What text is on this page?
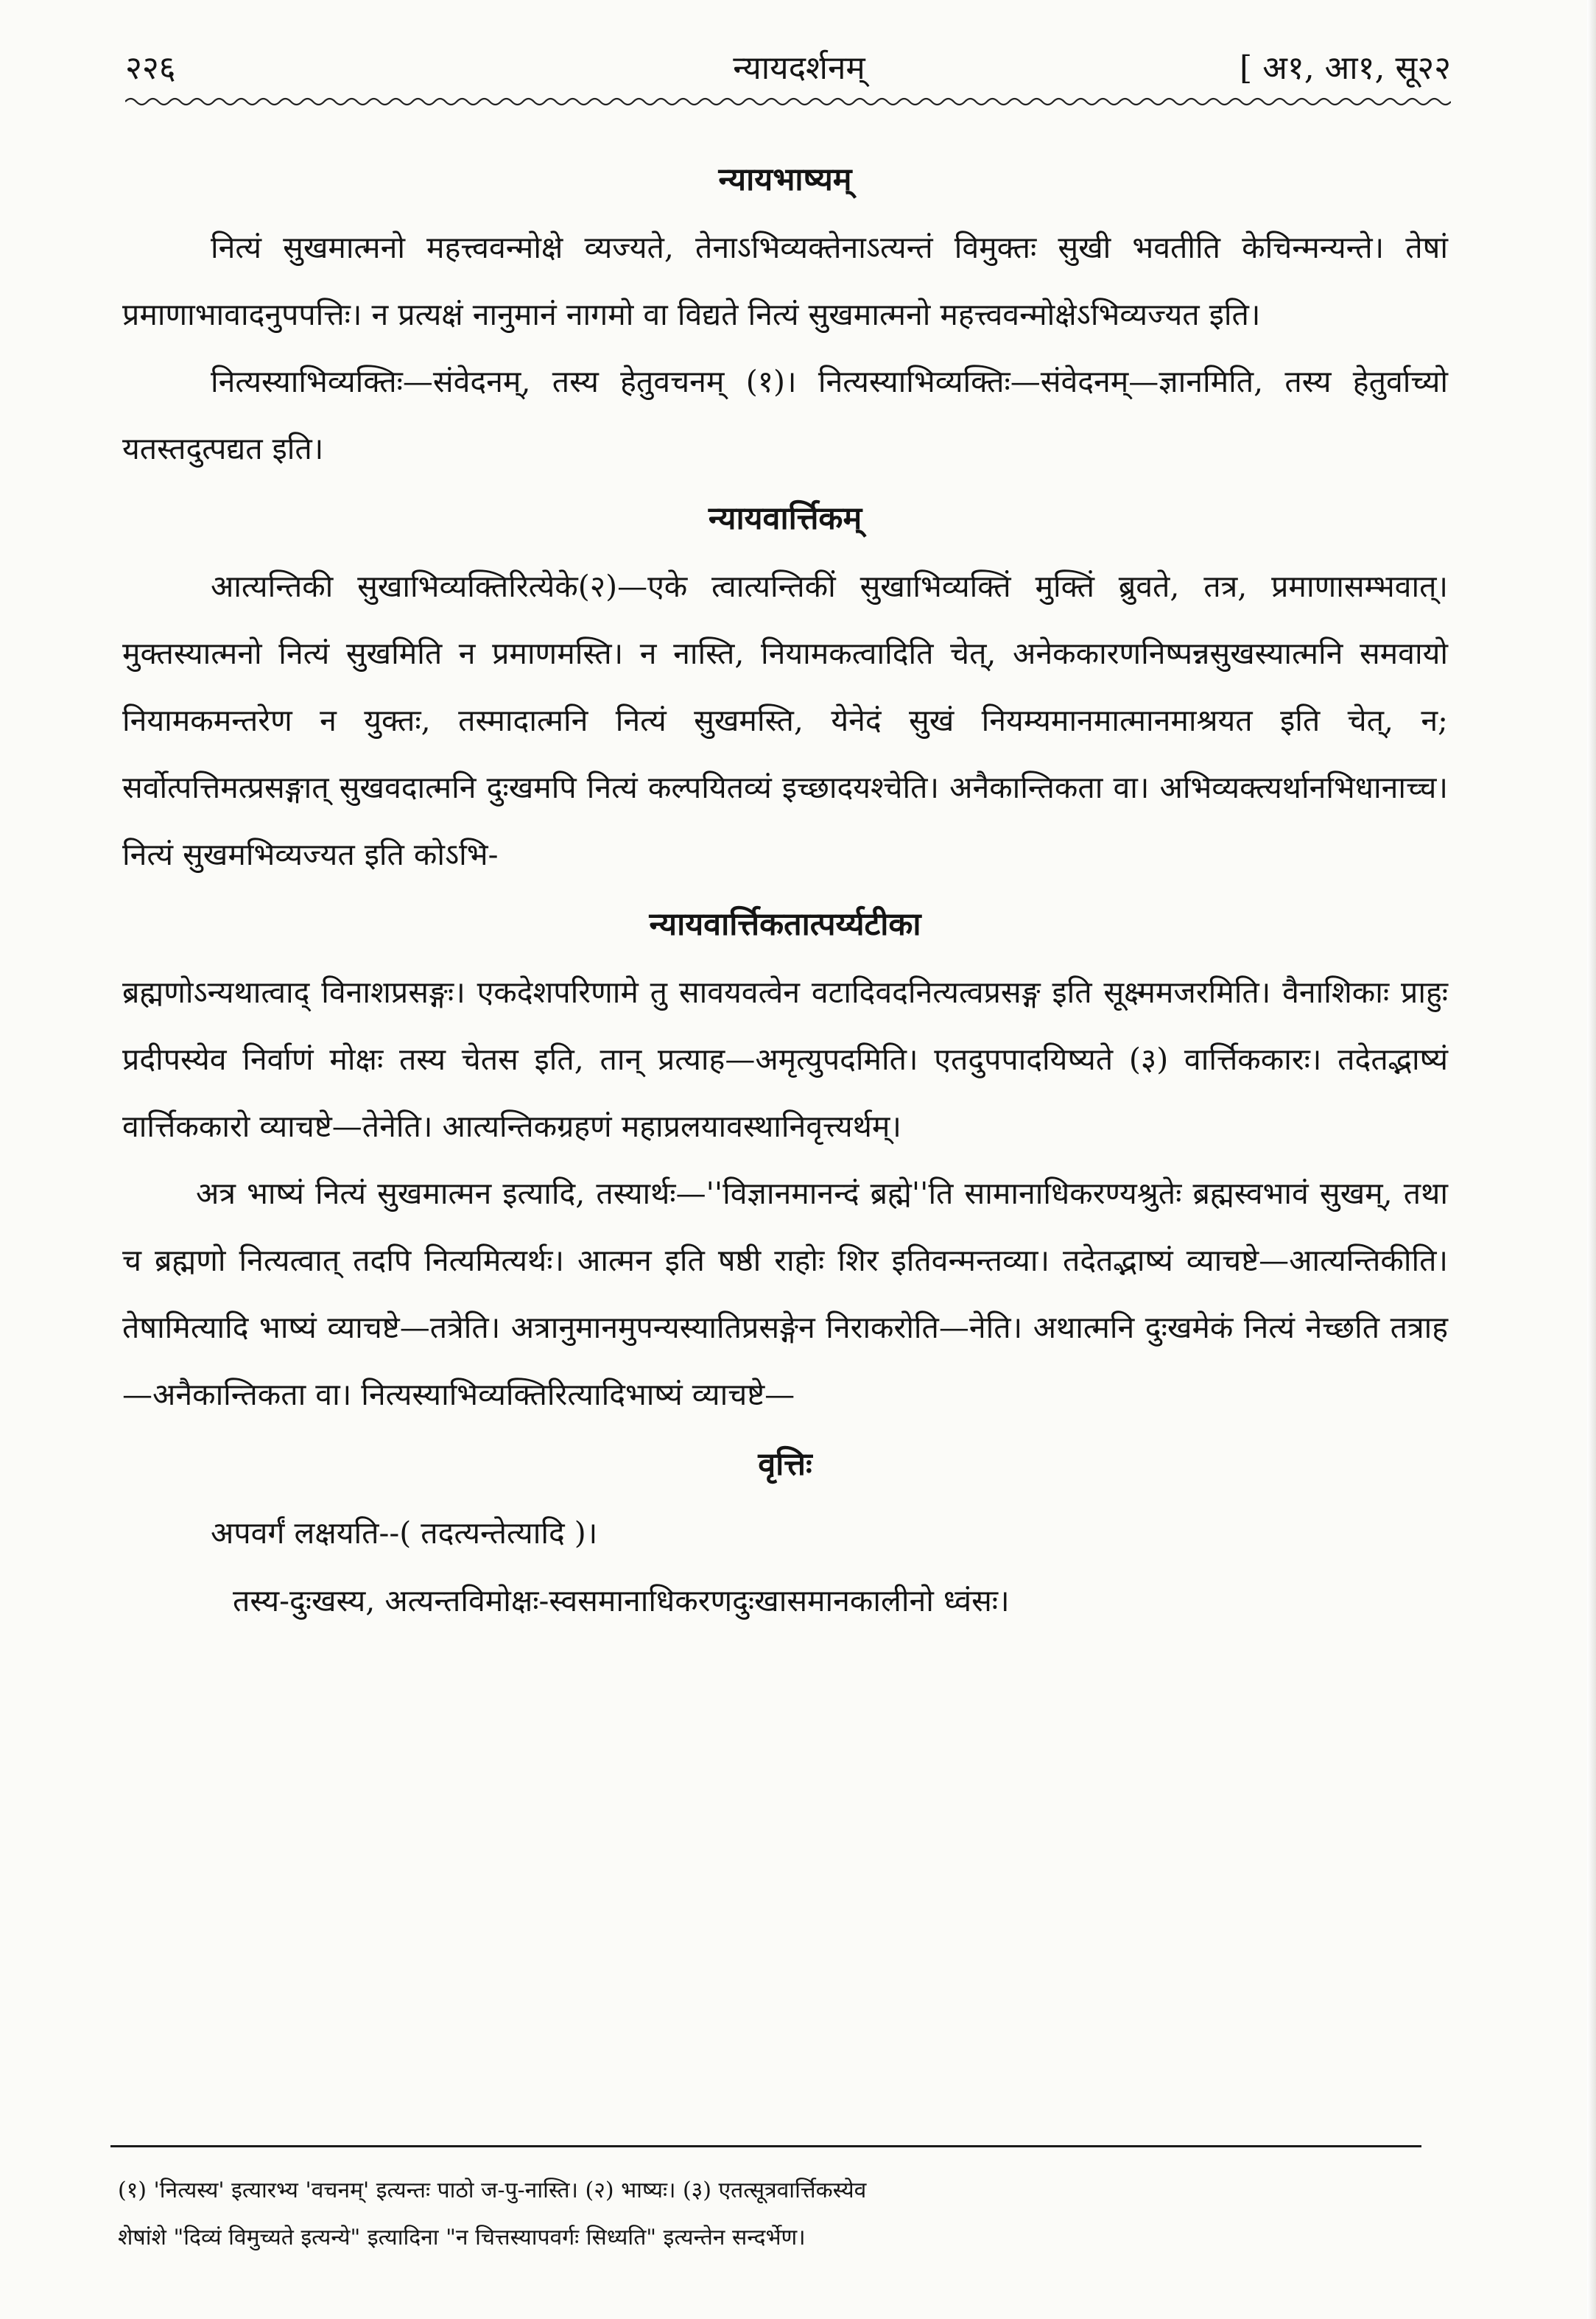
२२६	न्यायदर्शनम्	[ अ१, आ१, सू२२
न्यायभाष्यम्

नित्यं सुखमात्मनो महत्त्ववन्मोक्षे व्यज्यते, तेनाऽभिव्यक्तेनाऽत्यन्तं विमुक्तः सुखी भवतीति केचिन्मन्यन्ते। तेषां प्रमाणाभावादनुपपत्तिः। न प्रत्यक्षं नानुमानं नागमो वा विद्यते नित्यं सुखमात्मनो महत्त्ववन्मोक्षेऽभिव्यज्यत इति।

नित्यस्याभिव्यक्तिः—संवेदनम्, तस्य हेतुवचनम् (१)। नित्यस्याभिव्यक्तिः—संवेदनम्—ज्ञानमिति, तस्य हेतुर्वाच्यो यतस्तदुत्पद्यत इति।

न्यायवार्त्तिकम्

आत्यन्तिकी सुखाभिव्यक्तिरित्येके(२)—एके त्वात्यन्तिकीं सुखाभिव्यक्तिं मुक्तिं ब्रुवते, तत्र, प्रमाणासम्भवात्। मुक्तस्यात्मनो नित्यं सुखमिति न प्रमाणमस्ति। न नास्ति, नियामकत्वादिति चेत्, अनेककारणनिष्पन्नसुखस्यात्मनि समवायो नियामकमन्तरेण न युक्तः, तस्मादात्मनि नित्यं सुखमस्ति, येनेदं सुखं नियम्यमानमात्मानमाश्रयत इति चेत्, न; सर्वोत्पत्तिमत्प्रसङ्गात् सुखवदात्मनि दुःखमपि नित्यं कल्पयितव्यं इच्छादयश्चेति। अनैकान्तिकता वा। अभिव्यक्त्यर्थानभिधानाच्च। नित्यं सुखमभिव्यज्यत इति कोऽभि-

न्यायवार्त्तिकतात्पर्य्यटीका

ब्रह्मणोऽन्यथात्वाद् विनाशप्रसङ्गः। एकदेशपरिणामे तु सावयवत्वेन वटादिवदनित्यत्वप्रसङ्ग इति सूक्ष्ममजरमिति। वैनाशिकाः प्राहुः प्रदीपस्येव निर्वाणं मोक्षः तस्य चेतस इति, तान् प्रत्याह—अमृत्युपदमिति। एतदुपपादयिष्यते (३) वार्त्तिककारः। तदेतद्भाष्यं वार्त्तिककारो व्याचष्टे—तेनेति। आत्यन्तिकग्रहणं महाप्रलयावस्थानिवृत्त्यर्थम्।

अत्र भाष्यं नित्यं सुखमात्मन इत्यादि, तस्यार्थः—''विज्ञानमानन्दं ब्रह्मे''ति सामानाधिकरण्यश्रुतेः ब्रह्मस्वभावं सुखम्, तथा च ब्रह्मणो नित्यत्वात् तदपि नित्यमित्यर्थः। आत्मन इति षष्ठी राहोः शिर इतिवन्मन्तव्या। तदेतद्भाष्यं व्याचष्टे—आत्यन्तिकीति। तेषामित्यादि भाष्यं व्याचष्टे—तत्रेति। अत्रानुमानमुपन्यस्यातिप्रसङ्गेन निराकरोति—नेति। अथात्मनि दुःखमेकं नित्यं नेच्छति तत्राह—अनैकान्तिकता वा। नित्यस्याभिव्यक्तिरित्यादिभाष्यं व्याचष्टे—

वृत्तिः

अपवर्गं लक्षयति--( तदत्यन्तेत्यादि )।

तस्य-दुःखस्य, अत्यन्तविमोक्षः-स्वसमानाधिकरणदुःखासमानकालीनो ध्वंसः।

(१) 'नित्यस्य' इत्यारभ्य 'वचनम्' इत्यन्तः पाठो ज-पु-नास्ति। (२) भाष्यः। (३) एतत्सूत्रवार्त्तिकस्येव
शेषांशे "दिव्यं विमुच्यते इत्यन्ये" इत्यादिना "न चित्तस्यापवर्गः सिध्यति" इत्यन्तेन सन्दर्भेण।
